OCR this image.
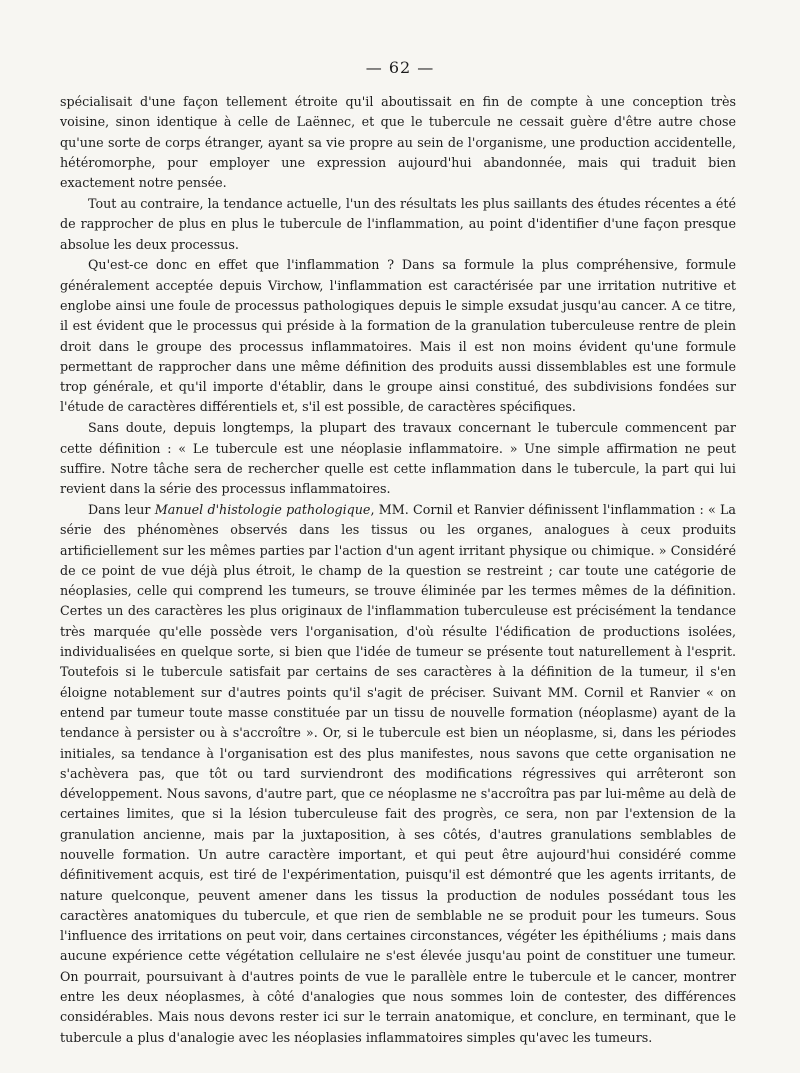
— 62 —

spécialisait d'une façon tellement étroite qu'il aboutissait en fin de compte à une conception très voisine, sinon identique à celle de Laënnec, et que le tubercule ne cessait guère d'être autre chose qu'une sorte de corps étranger, ayant sa vie propre au sein de l'organisme, une production accidentelle, hétéromorphe, pour employer une expression aujourd'hui abandonnée, mais qui traduit bien exactement notre pensée.

Tout au contraire, la tendance actuelle, l'un des résultats les plus saillants des études récentes a été de rapprocher de plus en plus le tubercule de l'inflammation, au point d'identifier d'une façon presque absolue les deux processus.

Qu'est-ce donc en effet que l'inflammation ? Dans sa formule la plus compréhensive, formule généralement acceptée depuis Virchow, l'inflammation est caractérisée par une irritation nutritive et englobe ainsi une foule de processus pathologiques depuis le simple exsudat jusqu'au cancer. A ce titre, il est évident que le processus qui préside à la formation de la granulation tuberculeuse rentre de plein droit dans le groupe des processus inflammatoires. Mais il est non moins évident qu'une formule permettant de rapprocher dans une même définition des produits aussi dissemblables est une formule trop générale, et qu'il importe d'établir, dans le groupe ainsi constitué, des subdivisions fondées sur l'étude de caractères différentiels et, s'il est possible, de caractères spécifiques.

Sans doute, depuis longtemps, la plupart des travaux concernant le tubercule commencent par cette définition : « Le tubercule est une néoplasie inflammatoire. » Une simple affirmation ne peut suffire. Notre tâche sera de rechercher quelle est cette inflammation dans le tubercule, la part qui lui revient dans la série des processus inflammatoires.

Dans leur Manuel d'histologie pathologique, MM. Cornil et Ranvier définissent l'inflammation : « La série des phénomènes observés dans les tissus ou les organes, analogues à ceux produits artificiellement sur les mêmes parties par l'action d'un agent irritant physique ou chimique. » Considéré de ce point de vue déjà plus étroit, le champ de la question se restreint ; car toute une catégorie de néoplasies, celle qui comprend les tumeurs, se trouve éliminée par les termes mêmes de la définition. Certes un des caractères les plus originaux de l'inflammation tuberculeuse est précisément la tendance très marquée qu'elle possède vers l'organisation, d'où résulte l'édification de productions isolées, individualisées en quelque sorte, si bien que l'idée de tumeur se présente tout naturellement à l'esprit. Toutefois si le tubercule satisfait par certains de ses caractères à la définition de la tumeur, il s'en éloigne notablement sur d'autres points qu'il s'agit de préciser. Suivant MM. Cornil et Ranvier « on entend par tumeur toute masse constituée par un tissu de nouvelle formation (néoplasme) ayant de la tendance à persister ou à s'accroître ». Or, si le tubercule est bien un néoplasme, si, dans les périodes initiales, sa tendance à l'organisation est des plus manifestes, nous savons que cette organisation ne s'achèvera pas, que tôt ou tard surviendront des modifications régressives qui arrêteront son développement. Nous savons, d'autre part, que ce néoplasme ne s'accroîtra pas par lui-même au delà de certaines limites, que si la lésion tuberculeuse fait des progrès, ce sera, non par l'extension de la granulation ancienne, mais par la juxtaposition, à ses côtés, d'autres granulations semblables de nouvelle formation. Un autre caractère important, et qui peut être aujourd'hui considéré comme définitivement acquis, est tiré de l'expérimentation, puisqu'il est démontré que les agents irritants, de nature quelconque, peuvent amener dans les tissus la production de nodules possédant tous les caractères anatomiques du tubercule, et que rien de semblable ne se produit pour les tumeurs. Sous l'influence des irritations on peut voir, dans certaines circonstances, végéter les épithéliums ; mais dans aucune expérience cette végétation cellulaire ne s'est élevée jusqu'au point de constituer une tumeur. On pourrait, poursuivant à d'autres points de vue le parallèle entre le tubercule et le cancer, montrer entre les deux néoplasmes, à côté d'analogies que nous sommes loin de contester, des différences considérables. Mais nous devons rester ici sur le terrain anatomique, et conclure, en terminant, que le tubercule a plus d'analogie avec les néoplasies inflammatoires simples qu'avec les tumeurs.
